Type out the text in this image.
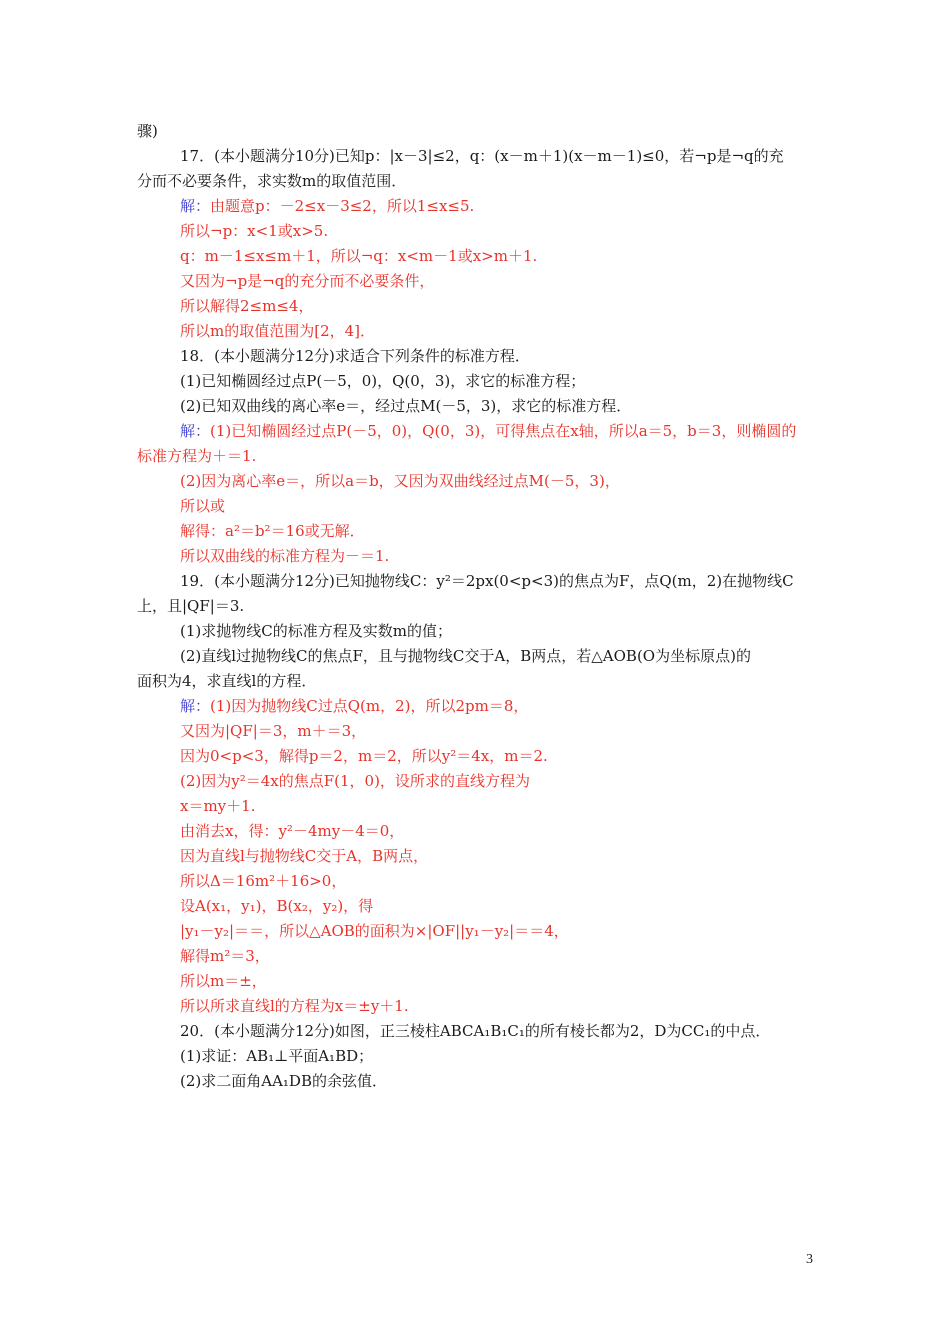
骤)
17．(本小题满分10分)已知p：|x－3|≤2，q：(x－m＋1)(x－m－1)≤0，若¬p是¬q的充
分而不必要条件，求实数m的取值范围．
解：由题意p：－2≤x－3≤2，所以1≤x≤5.
所以¬p：x<1或x>5.
q：m－1≤x≤m＋1，所以¬q：x<m－1或x>m＋1.
又因为¬p是¬q的充分而不必要条件，
所以解得2≤m≤4，
所以m的取值范围为[2，4]．
18．(本小题满分12分)求适合下列条件的标准方程．
(1)已知椭圆经过点P(－5，0)，Q(0，3)，求它的标准方程；
(2)已知双曲线的离心率e＝，经过点M(－5，3)，求它的标准方程．
解：(1)已知椭圆经过点P(－5，0)，Q(0，3)，可得焦点在x轴，所以a＝5，b＝3，则椭圆的
标准方程为＋＝1.
(2)因为离心率e＝，所以a＝b，又因为双曲线经过点M(－5，3)，
所以或
解得：a²＝b²＝16或无解．
所以双曲线的标准方程为－＝1.
19．(本小题满分12分)已知抛物线C：y²＝2px(0<p<3)的焦点为F，点Q(m，2)在抛物线C
上，且|QF|＝3.
(1)求抛物线C的标准方程及实数m的值；
(2)直线l过抛物线C的焦点F，且与抛物线C交于A，B两点，若△AOB(O为坐标原点)的
面积为4，求直线l的方程．
解：(1)因为抛物线C过点Q(m，2)，所以2pm＝8，
又因为|QF|＝3，m＋＝3，
因为0<p<3，解得p＝2，m＝2，所以y²＝4x，m＝2.
(2)因为y²＝4x的焦点F(1，0)，设所求的直线方程为
x＝my＋1.
由消去x，得：y²－4my－4＝0，
因为直线l与抛物线C交于A，B两点，
所以Δ＝16m²＋16>0，
设A(x₁，y₁)，B(x₂，y₂)，得
|y₁－y₂|＝＝，所以△AOB的面积为×|OF||y₁－y₂|＝＝4，
解得m²＝3，
所以m＝±，
所以所求直线l的方程为x＝±y＋1.
20．(本小题满分12分)如图，正三棱柱ABCA₁B₁C₁的所有棱长都为2，D为CC₁的中点．
(1)求证：AB₁⊥平面A₁BD；
(2)求二面角AA₁DB的余弦值．
3
